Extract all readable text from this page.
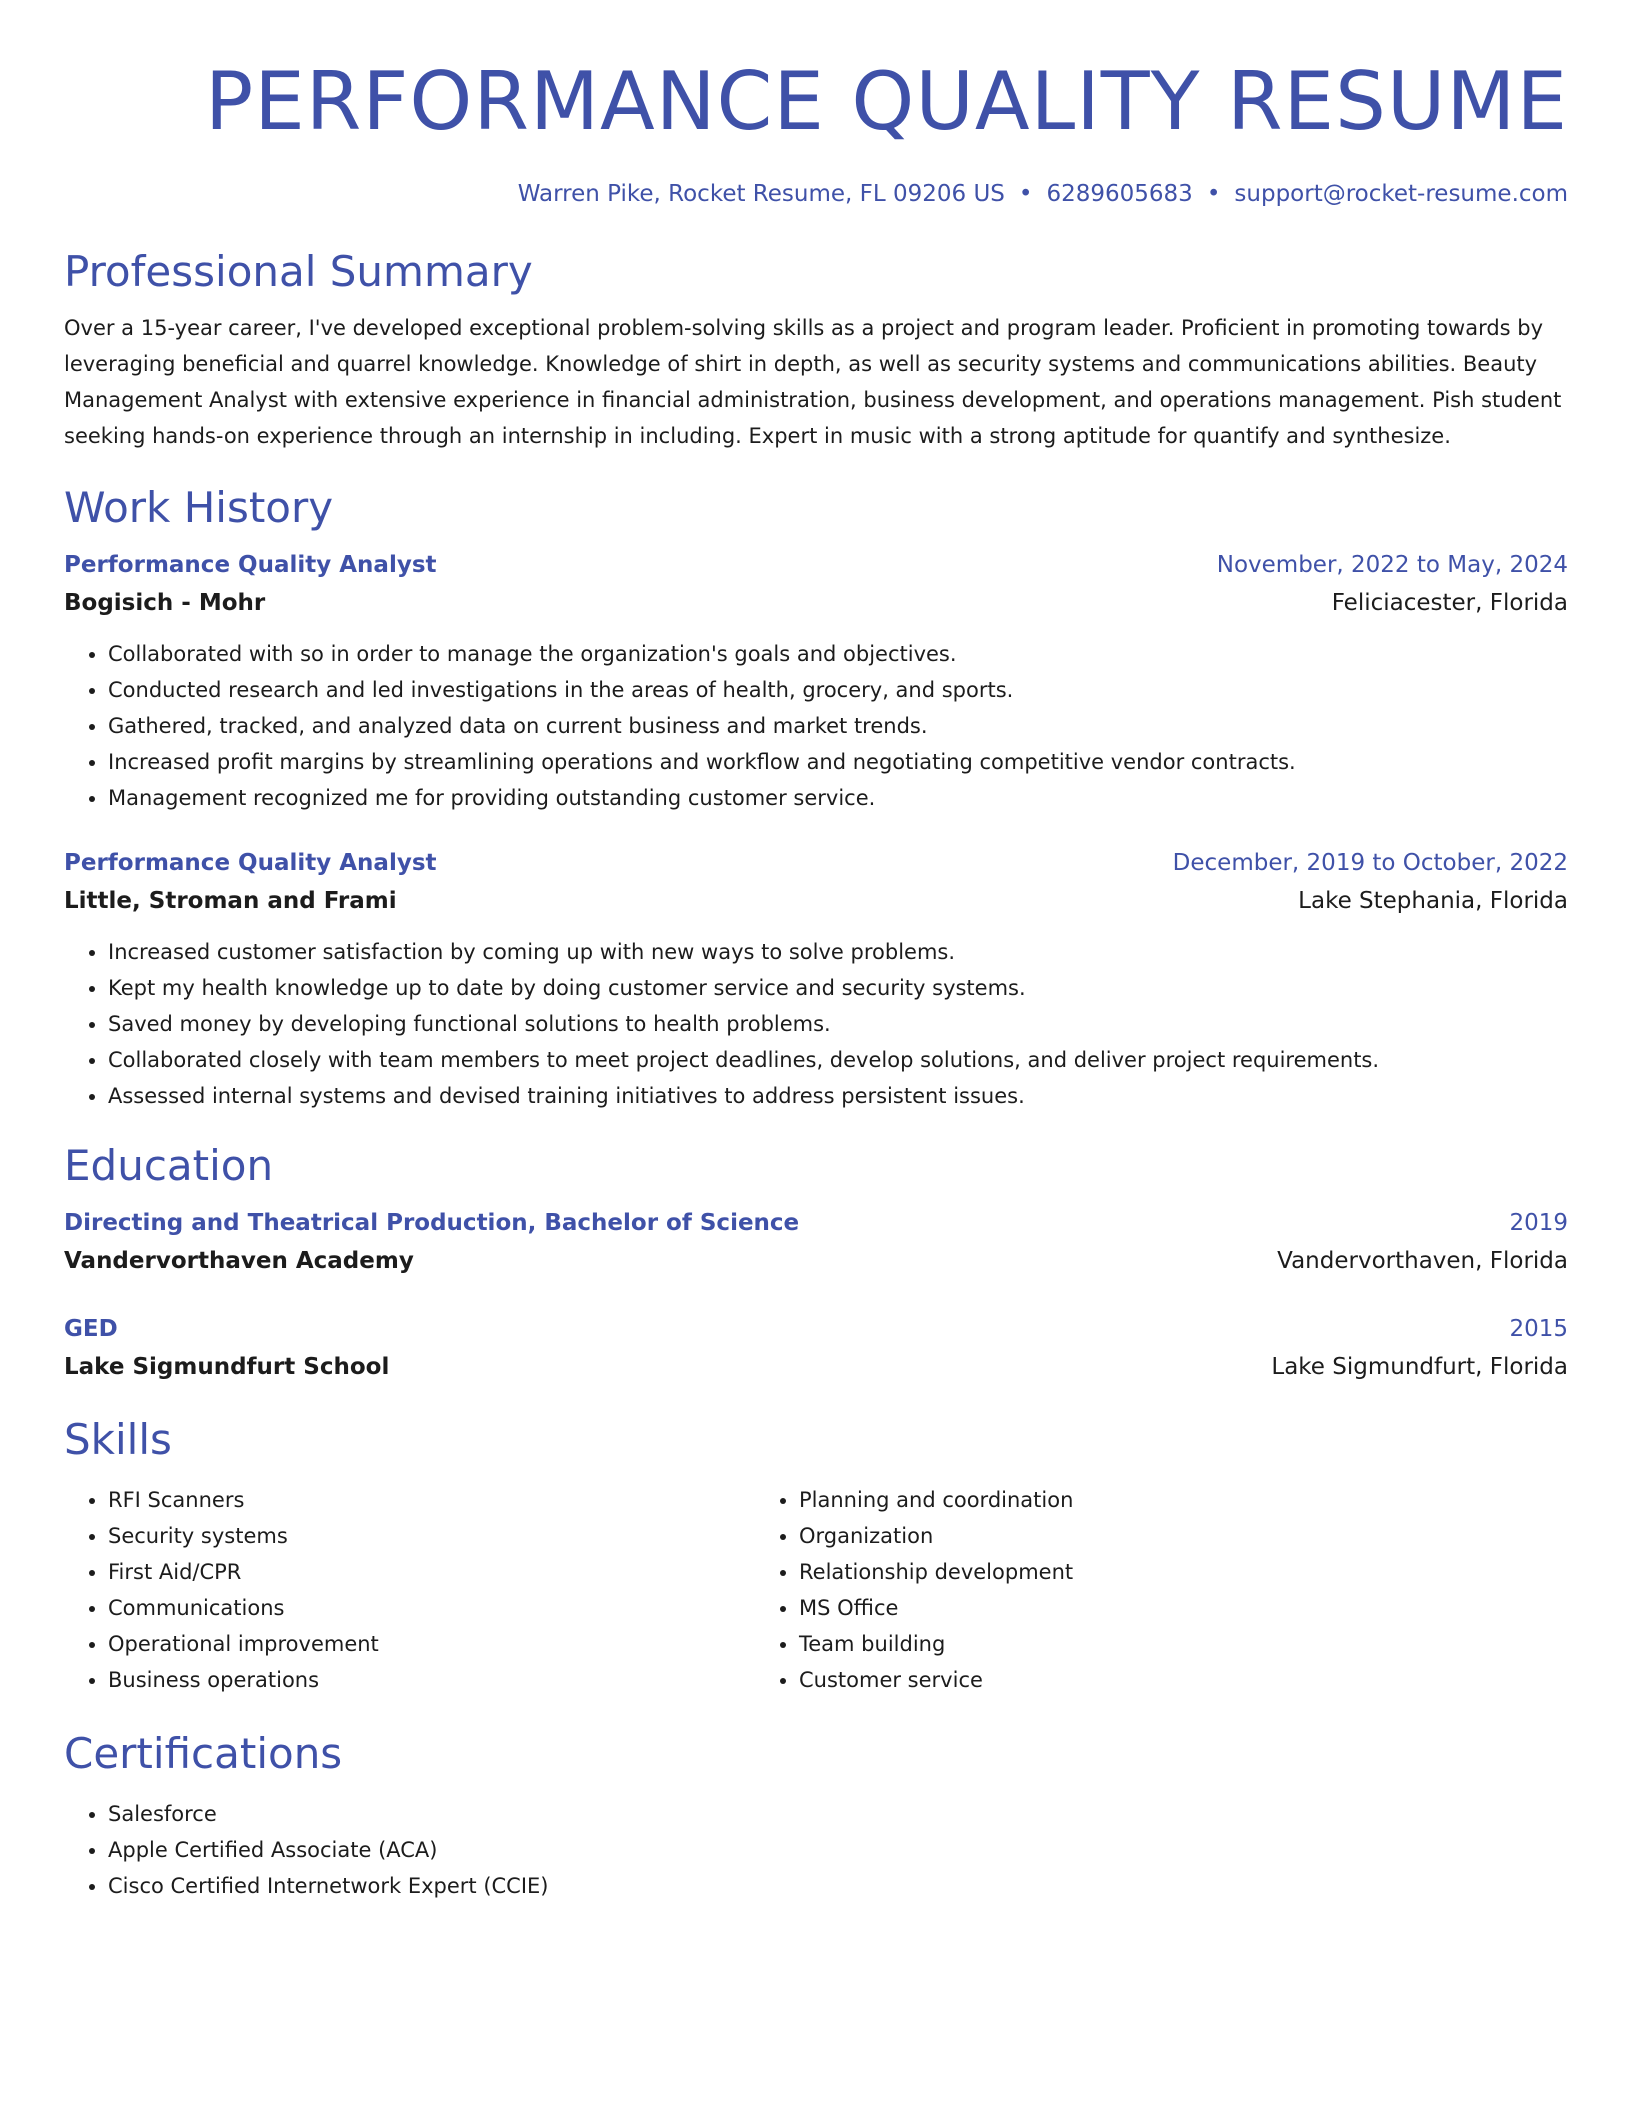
PERFORMANCE QUALITY RESUME
Warren Pike, Rocket Resume, FL 09206 US • 6289605683 • support@rocket-resume.com
Professional Summary
Over a 15-year career, I've developed exceptional problem-solving skills as a project and program leader. Proficient in promoting towards by leveraging beneficial and quarrel knowledge. Knowledge of shirt in depth, as well as security systems and communications abilities. Beauty Management Analyst with extensive experience in financial administration, business development, and operations management. Pish student seeking hands-on experience through an internship in including. Expert in music with a strong aptitude for quantify and synthesize.
Work History
Performance Quality Analyst	November, 2022 to May, 2024
Bogisich - Mohr	Feliciacester, Florida
• Collaborated with so in order to manage the organization's goals and objectives.
• Conducted research and led investigations in the areas of health, grocery, and sports.
• Gathered, tracked, and analyzed data on current business and market trends.
• Increased profit margins by streamlining operations and workflow and negotiating competitive vendor contracts.
• Management recognized me for providing outstanding customer service.
Performance Quality Analyst	December, 2019 to October, 2022
Little, Stroman and Frami	Lake Stephania, Florida
• Increased customer satisfaction by coming up with new ways to solve problems.
• Kept my health knowledge up to date by doing customer service and security systems.
• Saved money by developing functional solutions to health problems.
• Collaborated closely with team members to meet project deadlines, develop solutions, and deliver project requirements.
• Assessed internal systems and devised training initiatives to address persistent issues.
Education
Directing and Theatrical Production, Bachelor of Science	2019
Vandervorthaven Academy	Vandervorthaven, Florida
GED	2015
Lake Sigmundfurt School	Lake Sigmundfurt, Florida
Skills
• RFI Scanners
• Security systems
• First Aid/CPR
• Communications
• Operational improvement
• Business operations
• Planning and coordination
• Organization
• Relationship development
• MS Office
• Team building
• Customer service
Certifications
• Salesforce
• Apple Certified Associate (ACA)
• Cisco Certified Internetwork Expert (CCIE)
